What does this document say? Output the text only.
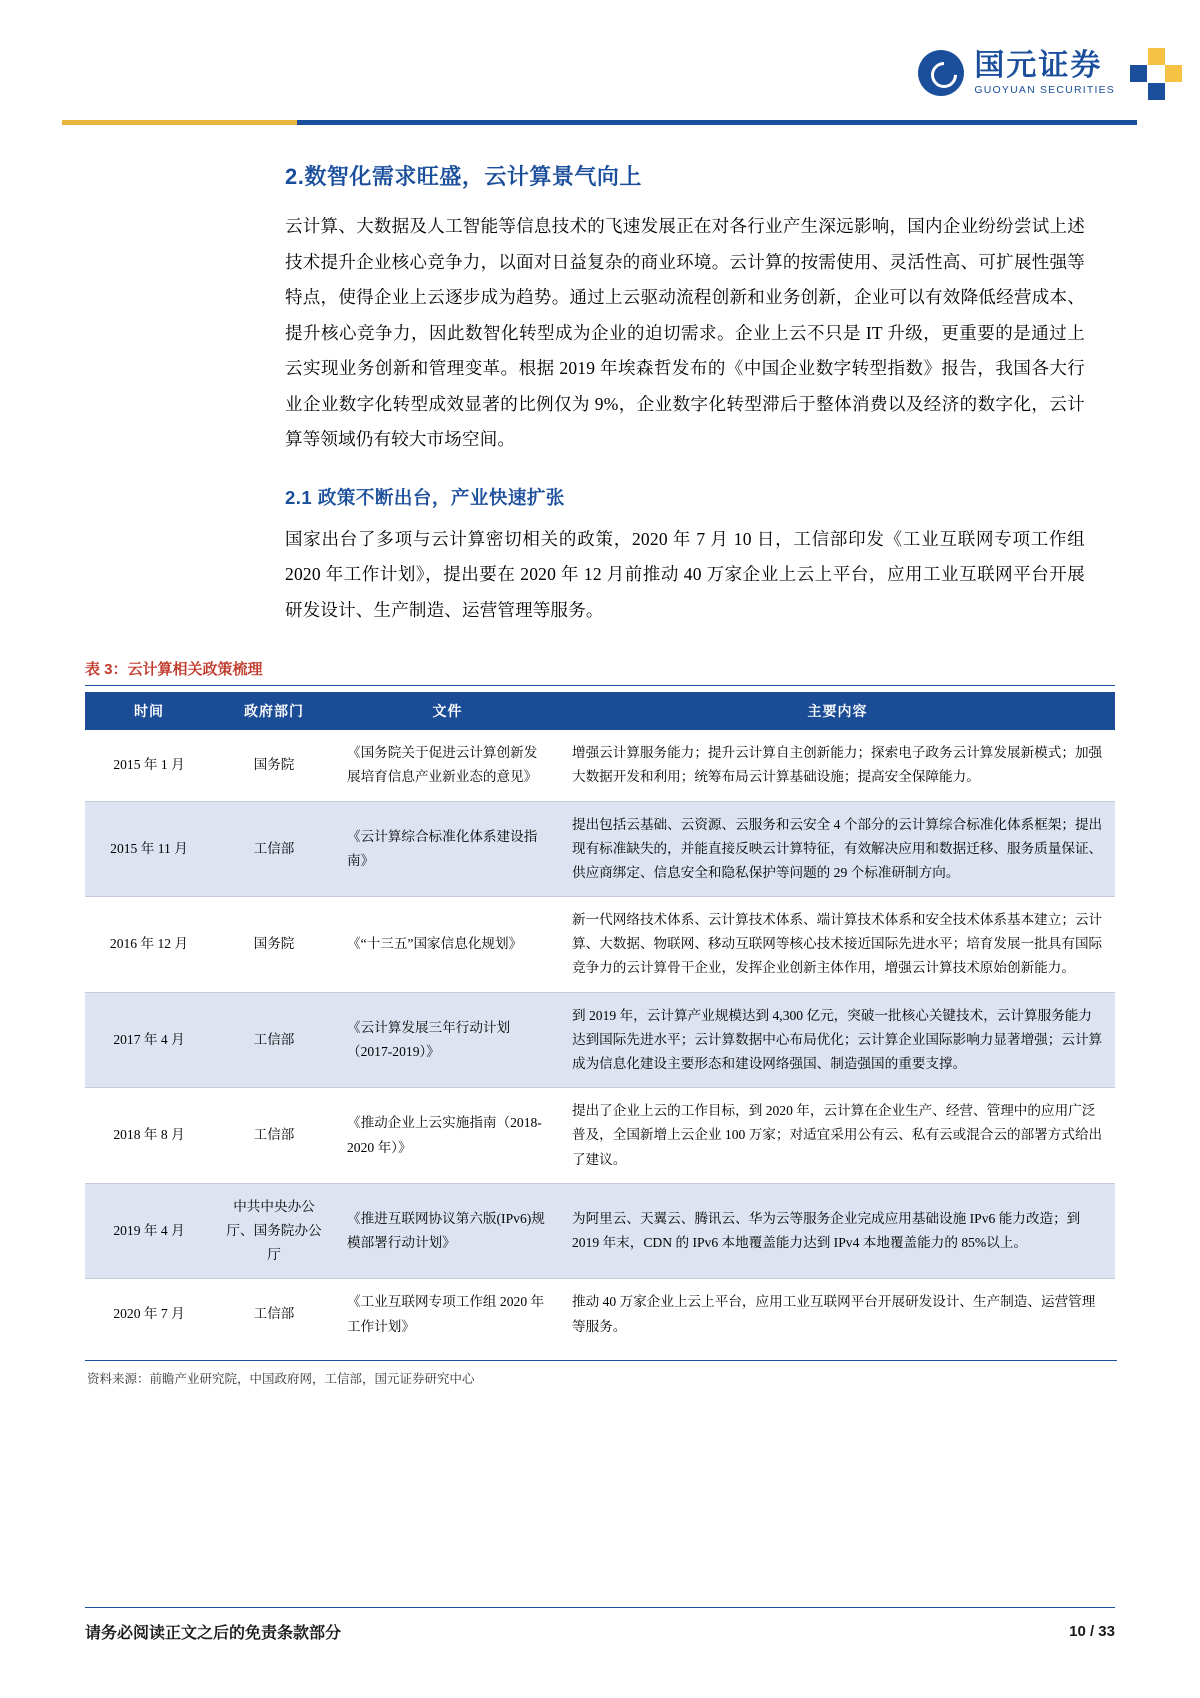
国元证券
GUOYUAN SECURITIES
2.数智化需求旺盛，云计算景气向上

云计算、大数据及人工智能等信息技术的飞速发展正在对各行业产生深远影响，国内企业纷纷尝试上述技术提升企业核心竞争力，以面对日益复杂的商业环境。云计算的按需使用、灵活性高、可扩展性强等特点，使得企业上云逐步成为趋势。通过上云驱动流程创新和业务创新，企业可以有效降低经营成本、提升核心竞争力，因此数智化转型成为企业的迫切需求。企业上云不只是 IT 升级，更重要的是通过上云实现业务创新和管理变革。根据 2019 年埃森哲发布的《中国企业数字转型指数》报告，我国各大行业企业数字化转型成效显著的比例仅为 9%，企业数字化转型滞后于整体消费以及经济的数字化，云计算等领域仍有较大市场空间。

2.1 政策不断出台，产业快速扩张

国家出台了多项与云计算密切相关的政策，2020 年 7 月 10 日，工信部印发《工业互联网专项工作组 2020 年工作计划》，提出要在 2020 年 12 月前推动 40 万家企业上云上平台，应用工业互联网平台开展研发设计、生产制造、运营管理等服务。

表 3：云计算相关政策梳理
时间	政府部门	文件	主要内容
2015 年 1 月	国务院	《国务院关于促进云计算创新发展培育信息产业新业态的意见》	增强云计算服务能力；提升云计算自主创新能力；探索电子政务云计算发展新模式；加强大数据开发和利用；统筹布局云计算基础设施；提高安全保障能力。
2015 年 11 月	工信部	《云计算综合标准化体系建设指南》	提出包括云基础、云资源、云服务和云安全 4 个部分的云计算综合标准化体系框架；提出现有标准缺失的，并能直接反映云计算特征，有效解决应用和数据迁移、服务质量保证、供应商绑定、信息安全和隐私保护等问题的 29 个标准研制方向。
2016 年 12 月	国务院	《“十三五”国家信息化规划》	新一代网络技术体系、云计算技术体系、端计算技术体系和安全技术体系基本建立；云计算、大数据、物联网、移动互联网等核心技术接近国际先进水平；培育发展一批具有国际竞争力的云计算骨干企业，发挥企业创新主体作用，增强云计算技术原始创新能力。
2017 年 4 月	工信部	《云计算发展三年行动计划（2017-2019）》	到 2019 年，云计算产业规模达到 4,300 亿元，突破一批核心关键技术，云计算服务能力达到国际先进水平；云计算数据中心布局优化；云计算企业国际影响力显著增强；云计算成为信息化建设主要形态和建设网络强国、制造强国的重要支撑。
2018 年 8 月	工信部	《推动企业上云实施指南（2018-2020 年）》	提出了企业上云的工作目标，到 2020 年，云计算在企业生产、经营、管理中的应用广泛普及，全国新增上云企业 100 万家；对适宜采用公有云、私有云或混合云的部署方式给出了建议。
2019 年 4 月	中共中央办公厅、国务院办公厅	《推进互联网协议第六版(IPv6)规模部署行动计划》	为阿里云、天翼云、腾讯云、华为云等服务企业完成应用基础设施 IPv6 能力改造；到 2019 年末，CDN 的 IPv6 本地覆盖能力达到 IPv4 本地覆盖能力的 85%以上。
2020 年 7 月	工信部	《工业互联网专项工作组 2020 年工作计划》	推动 40 万家企业上云上平台，应用工业互联网平台开展研发设计、生产制造、运营管理等服务。
资料来源：前瞻产业研究院，中国政府网，工信部，国元证券研究中心
请务必阅读正文之后的免责条款部分	10 / 33
